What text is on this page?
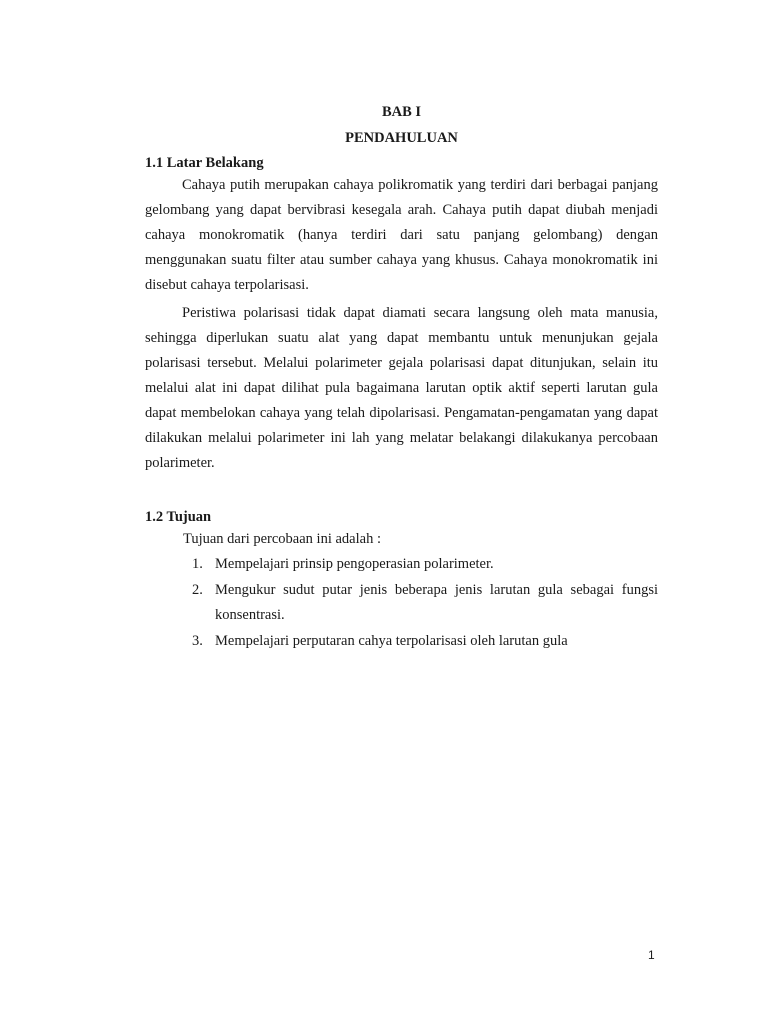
BAB I
PENDAHULUAN
1.1 Latar Belakang

Cahaya putih merupakan cahaya polikromatik yang terdiri dari berbagai panjang gelombang yang dapat bervibrasi kesegala arah. Cahaya putih dapat diubah menjadi cahaya monokromatik (hanya terdiri dari satu panjang gelombang) dengan menggunakan suatu filter atau sumber cahaya yang khusus. Cahaya monokromatik ini disebut cahaya terpolarisasi.

Peristiwa polarisasi tidak dapat diamati secara langsung oleh mata manusia, sehingga diperlukan suatu alat yang dapat membantu untuk menunjukan gejala polarisasi tersebut. Melalui polarimeter gejala polarisasi dapat ditunjukan, selain itu melalui alat ini dapat dilihat pula bagaimana larutan optik aktif seperti larutan gula dapat membelokan cahaya yang telah dipolarisasi. Pengamatan-pengamatan yang dapat dilakukan melalui polarimeter ini lah yang melatar belakangi dilakukanya percobaan polarimeter.

1.2 Tujuan

Tujuan dari percobaan ini adalah :

1. Mempelajari prinsip pengoperasian polarimeter.
2. Mengukur sudut putar jenis beberapa jenis larutan gula sebagai fungsi konsentrasi.
3. Mempelajari perputaran cahya terpolarisasi oleh larutan gula
1
